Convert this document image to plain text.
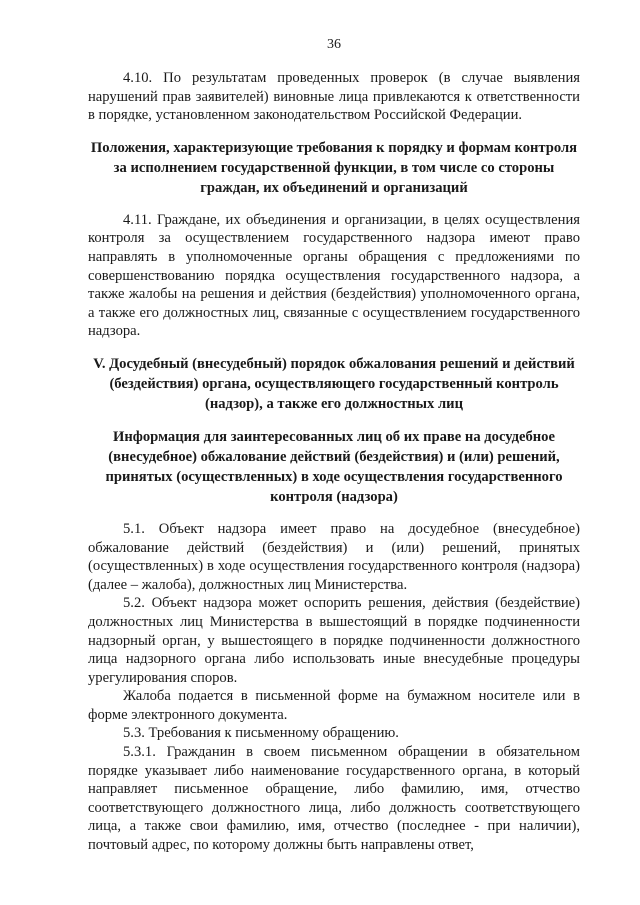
36

4.10. По результатам проведенных проверок (в случае выявления нарушений прав заявителей) виновные лица привлекаются к ответственности в порядке, установленном законодательством Российской Федерации.

Положения, характеризующие требования к порядку и формам контроля за исполнением государственной функции, в том числе со стороны граждан, их объединений и организаций

4.11. Граждане, их объединения и организации, в целях осуществления контроля за осуществлением государственного надзора имеют право направлять в уполномоченные органы обращения с предложениями по совершенствованию порядка осуществления государственного надзора, а также жалобы на решения и действия (бездействия) уполномоченного органа, а также его должностных лиц, связанные с осуществлением государственного надзора.

V. Досудебный (внесудебный) порядок обжалования решений и действий (бездействия) органа, осуществляющего государственный контроль (надзор), а также его должностных лиц
Информация для заинтересованных лиц об их праве на досудебное (внесудебное) обжалование действий (бездействия) и (или) решений, принятых (осуществленных) в ходе осуществления государственного контроля (надзора)

5.1. Объект надзора имеет право на досудебное (внесудебное) обжалование действий (бездействия) и (или) решений, принятых (осуществленных) в ходе осуществления государственного контроля (надзора) (далее – жалоба), должностных лиц Министерства.

5.2. Объект надзора может оспорить решения, действия (бездействие) должностных лиц Министерства в вышестоящий в порядке подчиненности надзорный орган, у вышестоящего в порядке подчиненности должностного лица надзорного органа либо использовать иные внесудебные процедуры урегулирования споров.

Жалоба подается в письменной форме на бумажном носителе или в форме электронного документа.

5.3. Требования к письменному обращению.

5.3.1. Гражданин в своем письменном обращении в обязательном порядке указывает либо наименование государственного органа, в который направляет письменное обращение, либо фамилию, имя, отчество соответствующего должностного лица, либо должность соответствующего лица, а также свои фамилию, имя, отчество (последнее - при наличии), почтовый адрес, по которому должны быть направлены ответ,
